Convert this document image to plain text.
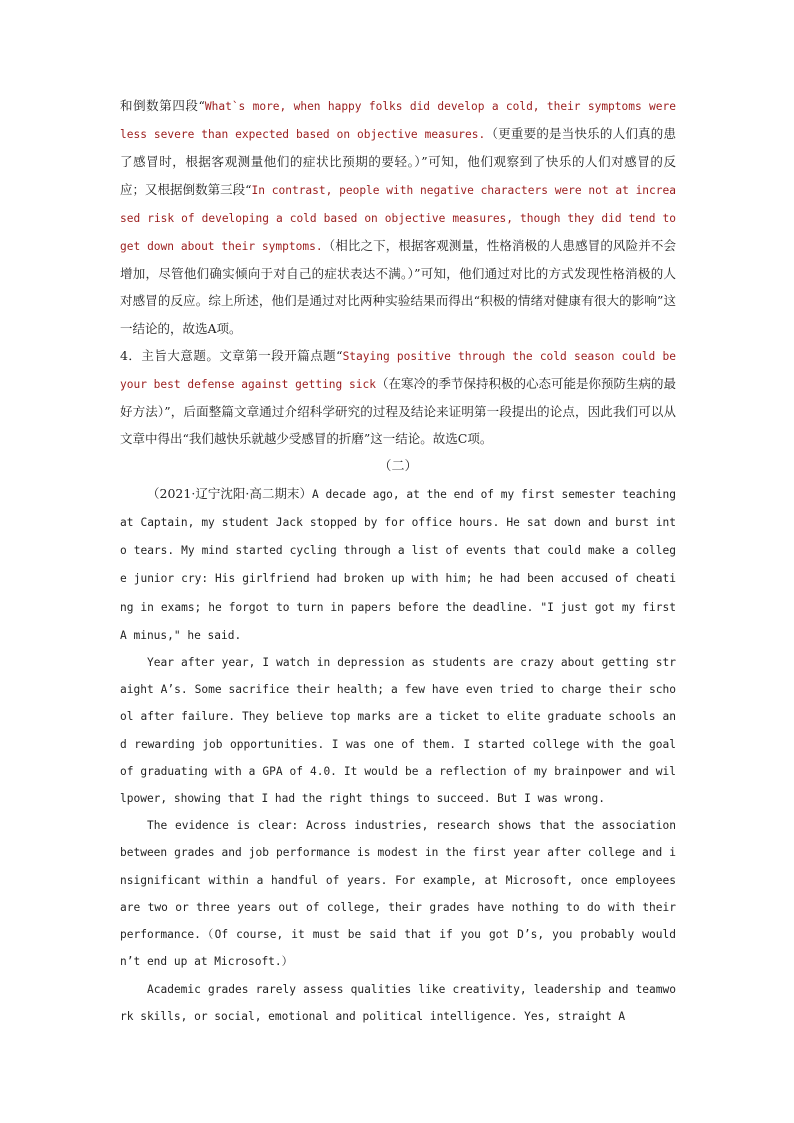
和倒数第四段“What`s more, when happy folks did develop a cold, their symptoms were less severe than expected based on objective measures.（更重要的是当快乐的人们真的患了感冒时，根据客观测量他们的症状比预期的要轻。）”可知，他们观察到了快乐的人们对感冒的反应；又根据倒数第三段“In contrast, people with negative characters were not at increased risk of developing a cold based on objective measures, though they did tend to get down about their symptoms.（相比之下，根据客观测量，性格消极的人患感冒的风险并不会增加，尽管他们确实倾向于对自己的症状表达不满。）”可知，他们通过对比的方式发现性格消极的人对感冒的反应。综上所述，他们是通过对比两种实验结果而得出“积极的情绪对健康有很大的影响”这一结论的，故选A项。

4．主旨大意题。文章第一段开篇点题“Staying positive through the cold season could be your best defense against getting sick（在寒冷的季节保持积极的心态可能是你预防生病的最好方法）”，后面整篇文章通过介绍科学研究的过程及结论来证明第一段提出的论点，因此我们可以从文章中得出“我们越快乐就越少受感冒的折磨”这一结论。故选C项。

（二）

（2021·辽宁沈阳·高二期末）A decade ago, at the end of my first semester teaching at Captain, my student Jack stopped by for office hours. He sat down and burst into tears. My mind started cycling through a list of events that could make a college junior cry: His girlfriend had broken up with him; he had been accused of cheating in exams; he forgot to turn in papers before the deadline. "I just got my first A minus," he said.

Year after year, I watch in depression as students are crazy about getting straight A’s. Some sacrifice their health; a few have even tried to charge their school after failure. They believe top marks are a ticket to elite graduate schools and rewarding job opportunities. I was one of them. I started college with the goal of graduating with a GPA of 4.0. It would be a reflection of my brainpower and willpower, showing that I had the right things to succeed. But I was wrong.

The evidence is clear: Across industries, research shows that the association between grades and job performance is modest in the first year after college and insignificant within a handful of years. For example, at Microsoft, once employees are two or three years out of college, their grades have nothing to do with their performance.（Of course, it must be said that if you got D’s, you probably wouldn’t end up at Microsoft.）

Academic grades rarely assess qualities like creativity, leadership and teamwork skills, or social, emotional and political intelligence. Yes, straight A
